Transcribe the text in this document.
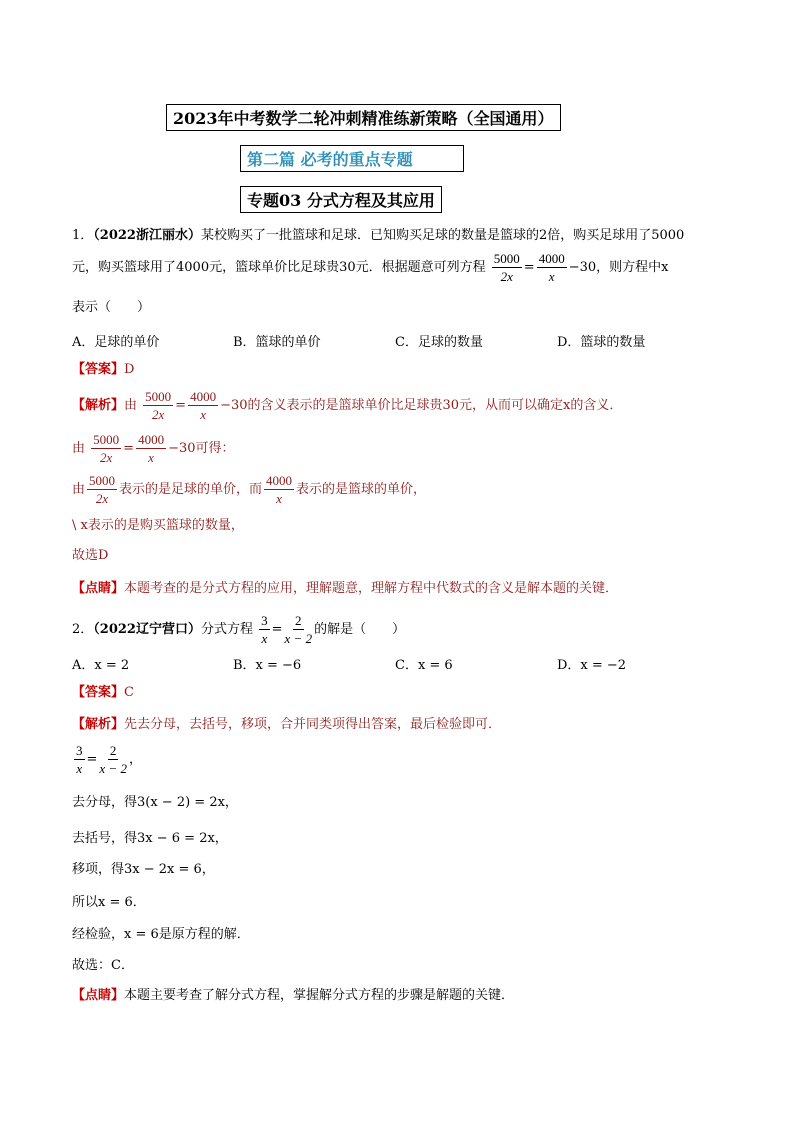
2023年中考数学二轮冲刺精准练新策略（全国通用）
第二篇 必考的重点专题
专题03 分式方程及其应用
1．（2022浙江丽水）某校购买了一批篮球和足球．已知购买足球的数量是篮球的2倍，购买足球用了5000
元，购买篮球用了4000元，篮球单价比足球贵30元．根据题意可列方程 $\frac{5000}{2x} = \frac{4000}{x} -30$，则方程中x
表示（　　）
A．足球的单价	B．篮球的单价	C．足球的数量	D．篮球的数量
【答案】D
【解析】由 $\frac{5000}{2x} = \frac{4000}{x} -30$的含义表示的是篮球单价比足球贵30元，从而可以确定x的含义．
由 $\frac{5000}{2x} = \frac{4000}{x} -30$可得：
由 $\frac{5000}{2x}$ 表示的是足球的单价，而 $\frac{4000}{x}$ 表示的是篮球的单价，
\ x表示的是购买篮球的数量，
故选D
【点睛】本题考查的是分式方程的应用，理解题意，理解方程中代数式的含义是解本题的关键．
2．（2022辽宁营口）分式方程 $\frac{3}{x} = \frac{2}{x - 2}$ 的解是（　　）
A．x = 2	B．x = −6	C．x = 6	D．x = −2
【答案】C
【解析】先去分母，去括号，移项，合并同类项得出答案，最后检验即可．
$\frac{3}{x} = \frac{2}{x - 2}$ ，
去分母，得3(x − 2) = 2x，
去括号，得3x − 6 = 2x，
移项，得3x − 2x = 6，
所以x = 6．
经检验，x = 6是原方程的解．
故选：C．
【点睛】本题主要考查了解分式方程，掌握解分式方程的步骤是解题的关键．
